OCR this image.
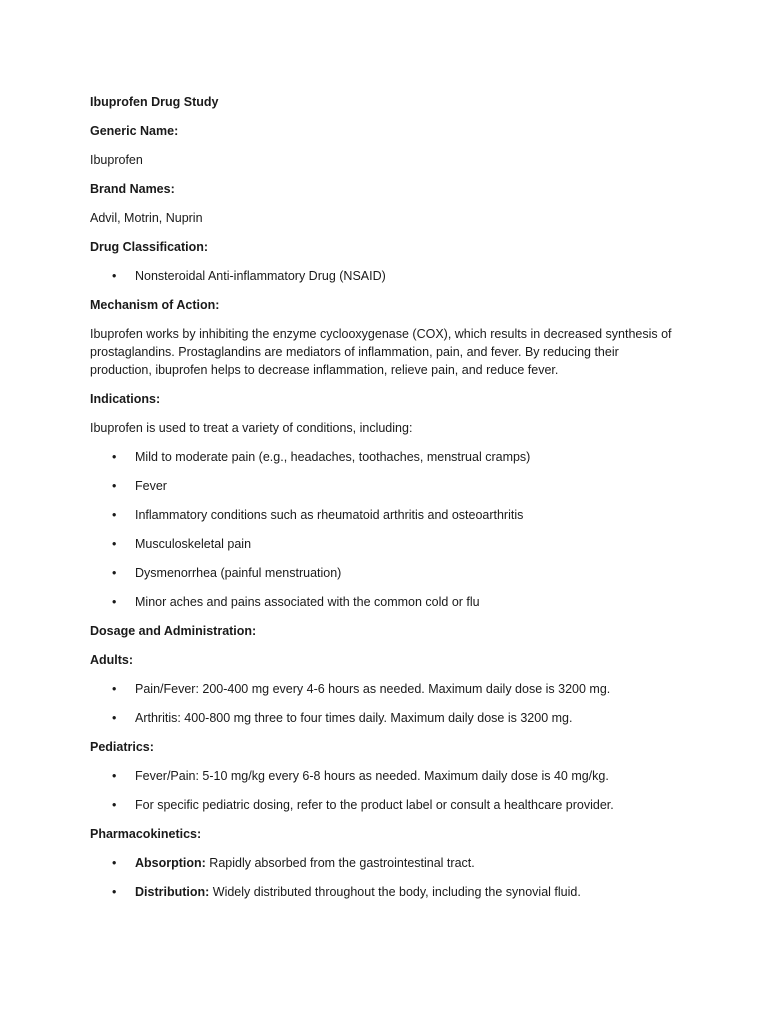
Ibuprofen Drug Study
Generic Name:
Ibuprofen
Brand Names:
Advil, Motrin, Nuprin
Drug Classification:
• Nonsteroidal Anti-inflammatory Drug (NSAID)
Mechanism of Action:
Ibuprofen works by inhibiting the enzyme cyclooxygenase (COX), which results in decreased synthesis of prostaglandins. Prostaglandins are mediators of inflammation, pain, and fever. By reducing their production, ibuprofen helps to decrease inflammation, relieve pain, and reduce fever.
Indications:
Ibuprofen is used to treat a variety of conditions, including:
• Mild to moderate pain (e.g., headaches, toothaches, menstrual cramps)
• Fever
• Inflammatory conditions such as rheumatoid arthritis and osteoarthritis
• Musculoskeletal pain
• Dysmenorrhea (painful menstruation)
• Minor aches and pains associated with the common cold or flu
Dosage and Administration:
Adults:
• Pain/Fever: 200-400 mg every 4-6 hours as needed. Maximum daily dose is 3200 mg.
• Arthritis: 400-800 mg three to four times daily. Maximum daily dose is 3200 mg.
Pediatrics:
• Fever/Pain: 5-10 mg/kg every 6-8 hours as needed. Maximum daily dose is 40 mg/kg.
• For specific pediatric dosing, refer to the product label or consult a healthcare provider.
Pharmacokinetics:
• Absorption: Rapidly absorbed from the gastrointestinal tract.
• Distribution: Widely distributed throughout the body, including the synovial fluid.
